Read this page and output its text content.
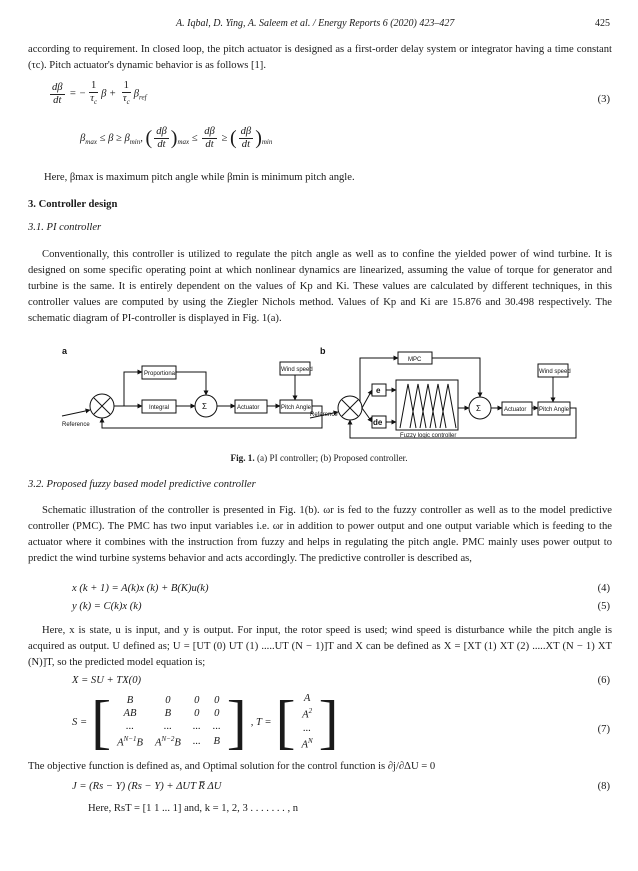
A. Iqbal, D. Ying, A. Saleem et al. / Energy Reports 6 (2020) 423–427	425
according to requirement. In closed loop, the pitch actuator is designed as a first-order delay system or integrator having a time constant (τc). Pitch actuator's dynamic behavior is as follows [1].
$\frac{d\beta}{dt}$ = − $\frac{1}{\tau_c}$ $\beta + \frac{1}{\tau_c} \beta_{ref}$	(3)
$\beta_{max} \le \beta \ge \beta_{min}$, ( $\frac{d\beta}{dt} )_{max} \le \frac{d\beta}{dt}$ ≥ ( $\frac{d\beta}{dt} )_{min}$
Here, βmax is maximum pitch angle while βmin is minimum pitch angle.
3. Controller design
3.1. PI controller
Conventionally, this controller is utilized to regulate the pitch angle as well as to confine the yielded power of wind turbine. It is designed on some specific operating point at which nonlinear dynamics are linearized, assuming the value of torque for generator and turbine is the same. It is entirely dependent on the values of Kp and Ki. These values are calculated by different techniques, in this controller values are computed by using the Ziegler Nichols method. Values of Kp and Ki are 15.876 and 30.498 respectively. The schematic diagram of PI-controller is displayed in Fig. 1(a).
a
Proportional
Integral	Σ	Actuator	Pitch Angle
Wind speed
Reference
b
MPC
e
de
Σ	Actuator Pitch Angle
Wind speed
Reference
Fuzzy logic controller
Fig. 1. (a) PI controller; (b) Proposed controller.
3.2. Proposed fuzzy based model predictive controller
Schematic illustration of the controller is presented in Fig. 1(b). ωr is fed to the fuzzy controller as well as to the model predictive controller (PMC). The PMC has two input variables i.e. ωr in addition to power output and one output variable which is feeding to the actuator where it combines with the instruction from fuzzy and helps in regulating the pitch angle. PMC mainly uses power output to predict the wind turbine systems behavior and acts accordingly. The predictive controller is described as,
x (k + 1) = A(k)x (k) + B(K)u(k)	(4)
y (k) = C(k)x (k)	(5)
Here, x is state, u is input, and y is output. For input, the rotor speed is used; wind speed is disturbance while the pitch angle is acquired as output. U defined as; U = [UT (0) UT (1) .....UT (N − 1)]T and X can be defined as X = [XT (1) XT (2) .....XT (N − 1) XT (N)]T, so the predicted model equation is;
X = SU + TX(0)	(6)
S = [ B	0	0	0
AB	B	0	0
...	...	...	...
$A^{N-1}B$	$A^{N-2}B$	...	B ] , T = [ A
$A^2$
...
$A^N$ ]	(7)
The objective function is defined as, and Optimal solution for the control function is ∂j/∂ΔU = 0
J = (Rs − Y) (Rs − Y) + ΔUT R̅ ΔU	(8)
Here, RsT = [1 1 ... 1] and, k = 1, 2, 3 . . . . . . . , n
